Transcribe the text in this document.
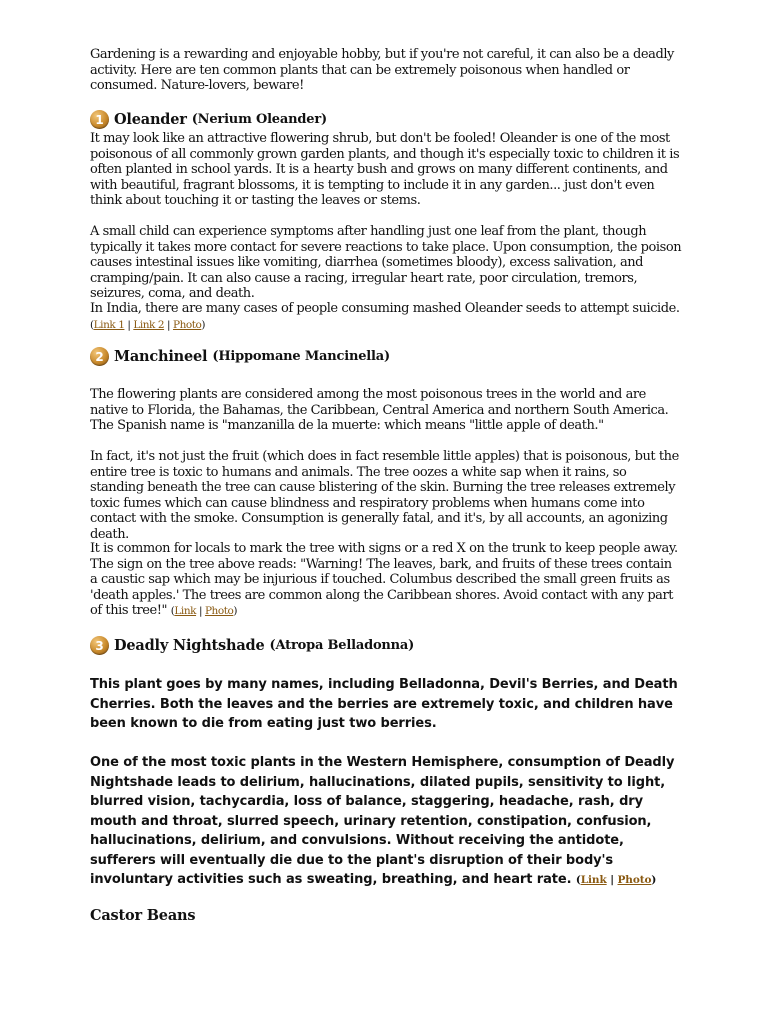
Gardening is a rewarding and enjoyable hobby, but if you're not careful, it can also be a deadly activity. Here are ten common plants that can be extremely poisonous when handled or consumed. Nature-lovers, beware!

1 Oleander (Nerium Oleander)

It may look like an attractive flowering shrub, but don't be fooled! Oleander is one of the most poisonous of all commonly grown garden plants, and though it's especially toxic to children it is often planted in school yards. It is a hearty bush and grows on many different continents, and with beautiful, fragrant blossoms, it is tempting to include it in any garden... just don't even think about touching it or tasting the leaves or stems.

A small child can experience symptoms after handling just one leaf from the plant, though typically it takes more contact for severe reactions to take place. Upon consumption, the poison causes intestinal issues like vomiting, diarrhea (sometimes bloody), excess salivation, and cramping/pain. It can also cause a racing, irregular heart rate, poor circulation, tremors, seizures, coma, and death.

In India, there are many cases of people consuming mashed Oleander seeds to attempt suicide. (Link 1 | Link 2 | Photo)

2 Manchineel (Hippomane Mancinella)

The flowering plants are considered among the most poisonous trees in the world and are native to Florida, the Bahamas, the Caribbean, Central America and northern South America. The Spanish name is "manzanilla de la muerte: which means "little apple of death."

In fact, it's not just the fruit (which does in fact resemble little apples) that is poisonous, but the entire tree is toxic to humans and animals. The tree oozes a white sap when it rains, so standing beneath the tree can cause blistering of the skin. Burning the tree releases extremely toxic fumes which can cause blindness and respiratory problems when humans come into contact with the smoke. Consumption is generally fatal, and it's, by all accounts, an agonizing death.

It is common for locals to mark the tree with signs or a red X on the trunk to keep people away. The sign on the tree above reads: "Warning! The leaves, bark, and fruits of these trees contain a caustic sap which may be injurious if touched. Columbus described the small green fruits as 'death apples.' The trees are common along the Caribbean shores. Avoid contact with any part of this tree!" (Link | Photo)

3 Deadly Nightshade (Atropa Belladonna)

This plant goes by many names, including Belladonna, Devil's Berries, and Death Cherries. Both the leaves and the berries are extremely toxic, and children have been known to die from eating just two berries.

One of the most toxic plants in the Western Hemisphere, consumption of Deadly Nightshade leads to delirium, hallucinations, dilated pupils, sensitivity to light, blurred vision, tachycardia, loss of balance, staggering, headache, rash, dry mouth and throat, slurred speech, urinary retention, constipation, confusion, hallucinations, delirium, and convulsions. Without receiving the antidote, sufferers will eventually die due to the plant's disruption of their body's involuntary activities such as sweating, breathing, and heart rate. (Link | Photo)

Castor Beans
